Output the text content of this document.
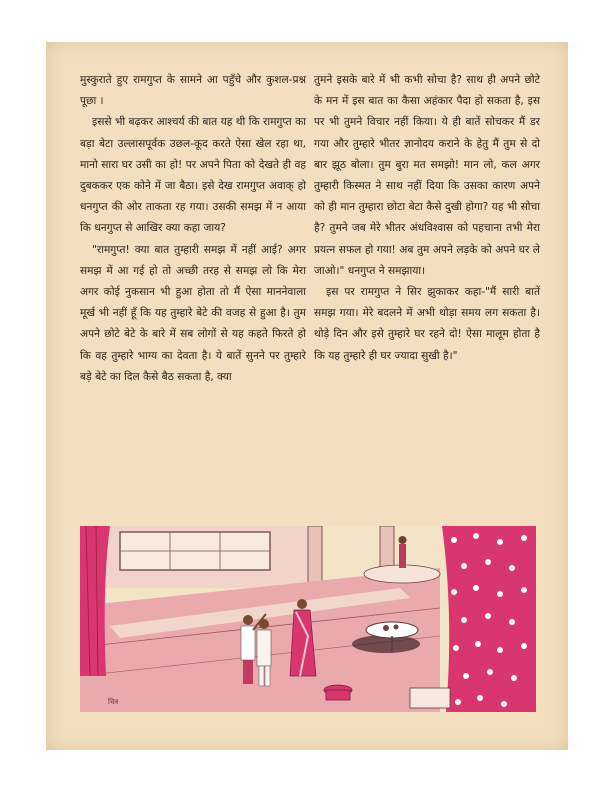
मुस्कुराते हुए रामगुप्त के सामने आ पहुँचे और कुशल-प्रश्न पूछा ।

इससे भी बढ़कर आश्चर्य की बात यह थी कि रामगुप्त का बड़ा बेटा उल्लासपूर्वक उछल-कूद करते ऐसा खेल रहा था, मानो सारा घर उसी का हो! पर अपने पिता को देखते ही वह दुबककर एक कोने में जा बैठा। इसे देख रामगुप्त अवाक् हो धनगुप्त की ओर ताकता रह गया। उसकी समझ में न आया कि धनगुप्त से आखिर क्या कहा जाय?

"रामगुप्त! क्या बात तुम्हारी समझ में नहीं आई? अगर समझ में आ गई हो तो अच्छी तरह से समझ लो कि मेरा अगर कोई नुकसान भी हुआ होता तो मैं ऐसा माननेवाला मूर्ख भी नहीं हूँ कि यह तुम्हारे बेटे की वजह से हुआ है। तुम अपने छोटे बेटे के बारे में सब लोगों से यह कहते फिरते हो कि वह तुम्हारे भाग्य का देवता है। ये बातें सुनने पर तुम्हारे बड़े बेटे का दिल कैसे बैठ सकता है, क्या

तुमने इसके बारे में भी कभी सोचा है? साथ ही अपने छोटे के मन में इस बात का कैसा अहंकार पैदा हो सकता है, इस पर भी तुमने विचार नहीं किया। ये ही बातें सोचकर मैं डर गया और तुम्हारे भीतर ज्ञानोदय कराने के हेतु मैं तुम से दो बार झूठ बोला। तुम बुरा मत समझो! मान लो, कल अगर तुम्हारी किस्मत ने साथ नहीं दिया कि उसका कारण अपने को ही मान तुम्हारा छोटा बेटा कैसे दुखी होगा? यह भी सोचा है? तुमने जब मेरे भीतर अंधविश्वास को पहचाना तभी मेरा प्रयत्न सफल हो गया! अब तुम अपने लड़के को अपने घर ले जाओ।" धनगुप्त ने समझाया।

इस पर रामगुप्त ने सिर झुकाकर कहा-"मैं सारी बातें समझ गया। मेरे बदलने में अभी थोड़ा समय लग सकता है। थोड़े दिन और इसे तुम्हारे घर रहने दो! ऐसा मालूम होता है कि यह तुम्हारे ही घर ज्यादा सुखी है।"

चित्र
